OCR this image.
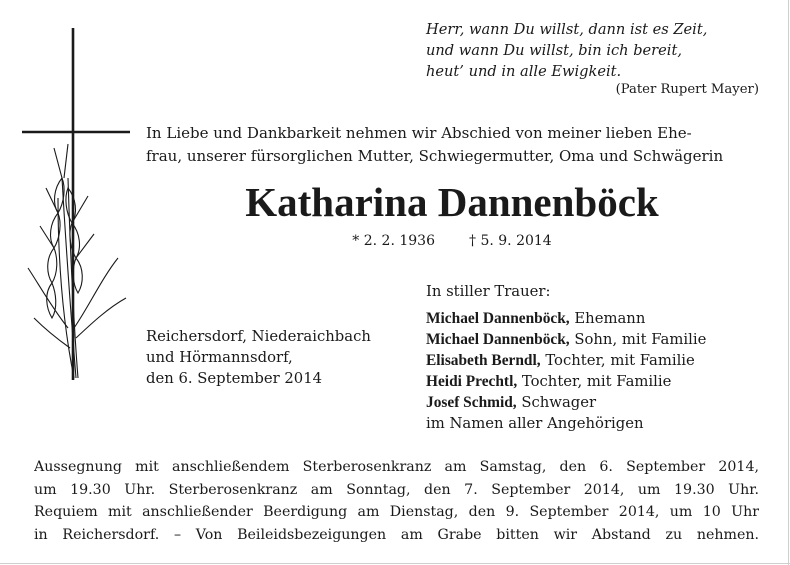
Herr, wann Du willst, dann ist es Zeit,
und wann Du willst, bin ich bereit,
heut’ und in alle Ewigkeit.
(Pater Rupert Mayer)
In Liebe und Dankbarkeit nehmen wir Abschied von meiner lieben Ehe-
frau, unserer fürsorglichen Mutter, Schwiegermutter, Oma und Schwägerin
Katharina Dannenböck
* 2. 2. 1936 † 5. 9. 2014
Reichersdorf, Niederaichbach
und Hörmannsdorf,
den 6. September 2014
In stiller Trauer:
Michael Dannenböck, Ehemann
Michael Dannenböck, Sohn, mit Familie
Elisabeth Berndl, Tochter, mit Familie
Heidi Prechtl, Tochter, mit Familie
Josef Schmid, Schwager
im Namen aller Angehörigen
Aussegnung mit anschließendem Sterberosenkranz am Samstag, den 6. September 2014,
um 19.30 Uhr. Sterberosenkranz am Sonntag, den 7. September 2014, um 19.30 Uhr.
Requiem mit anschließender Beerdigung am Dienstag, den 9. September 2014, um 10 Uhr
in Reichersdorf. – Von Beileidsbezeigungen am Grabe bitten wir Abstand zu nehmen.
